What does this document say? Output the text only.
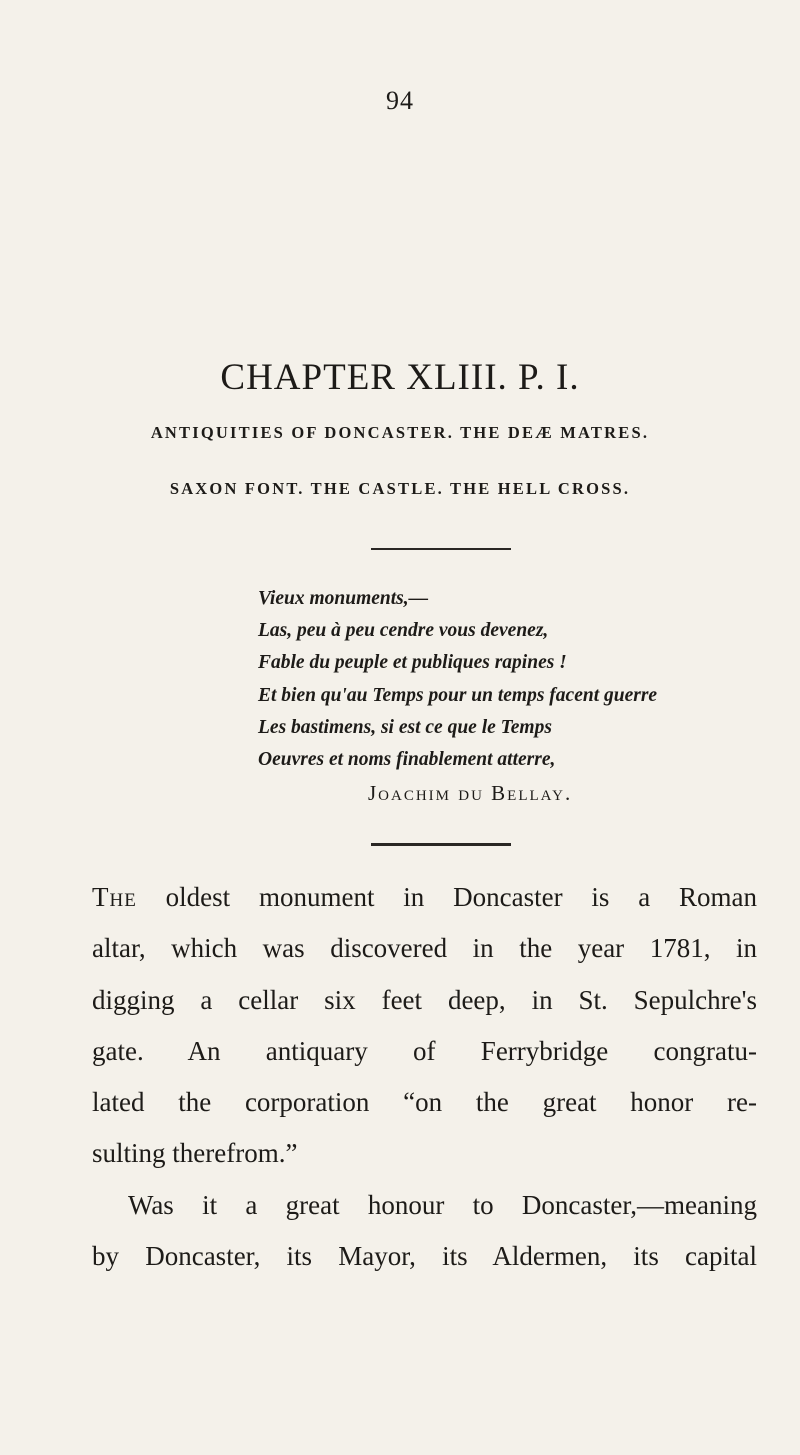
94
CHAPTER XLIII. P. I.
ANTIQUITIES OF DONCASTER. THE DEÆ MATRES.
SAXON FONT. THE CASTLE. THE HELL CROSS.
Vieux monuments,—
Las, peu à peu cendre vous devenez,
Fable du peuple et publiques rapines !
Et bien qu'au Temps pour un temps facent guerre
Les bastimens, si est ce que le Temps
Oeuvres et noms finablement atterre,
Joachim du Bellay.
The oldest monument in Doncaster is a Roman
altar, which was discovered in the year 1781, in
digging a cellar six feet deep, in St. Sepulchre's
gate. An antiquary of Ferrybridge congratu-
lated the corporation “on the great honor re-
sulting therefrom.”
Was it a great honour to Doncaster,—meaning
by Doncaster, its Mayor, its Aldermen, its capital
